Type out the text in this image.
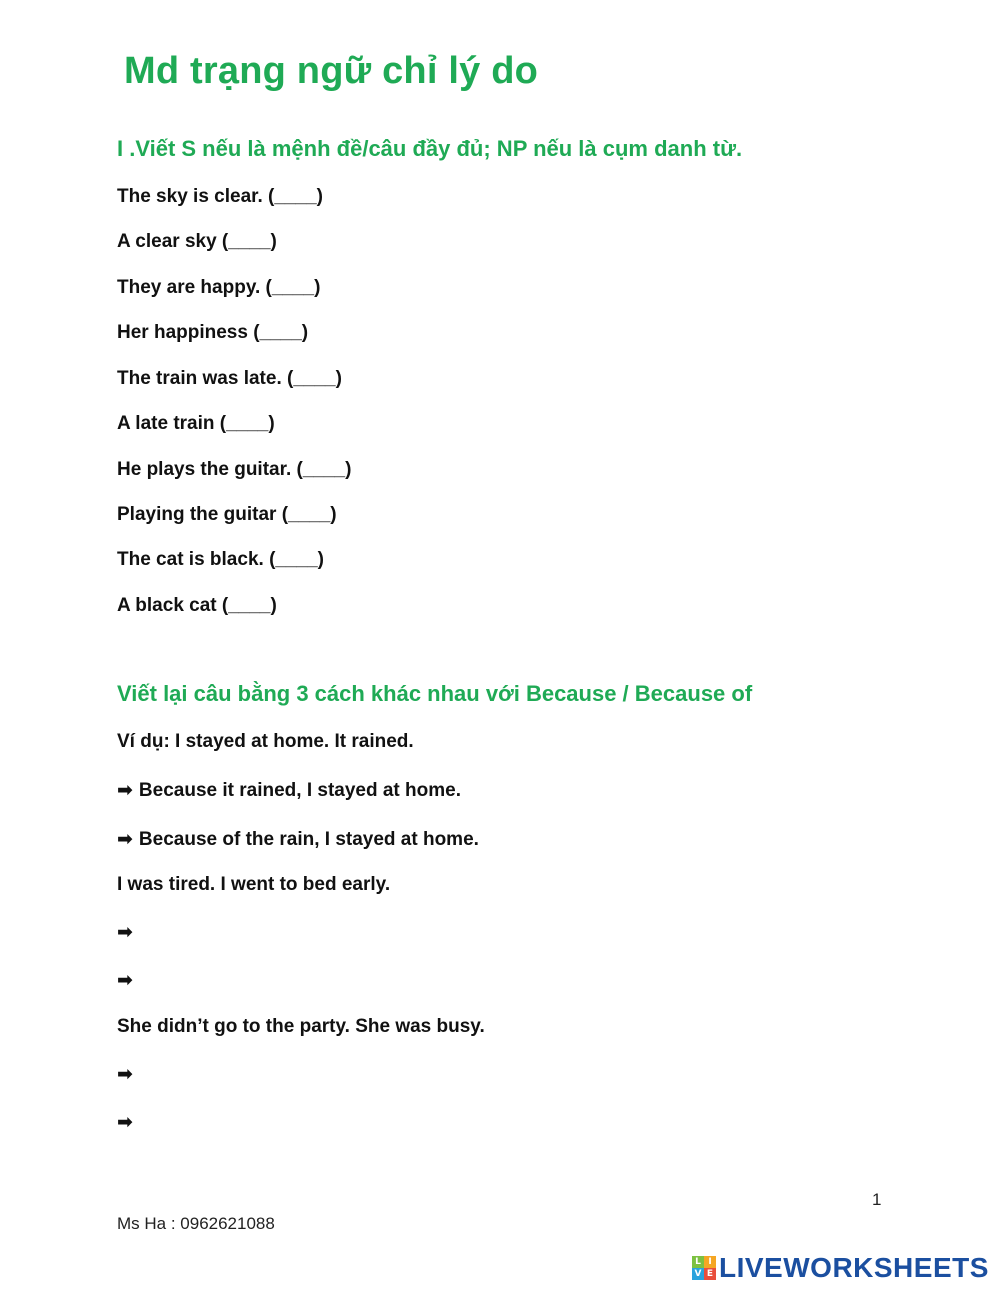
Md trạng ngữ chỉ lý do
I .Viết S nếu là mệnh đề/câu đầy đủ; NP nếu là cụm danh từ.
The sky is clear. (____)
A clear sky (____)
They are happy. (____)
Her happiness (____)
The train was late. (____)
A late train (____)
He plays the guitar. (____)
Playing the guitar (____)
The cat is black. (____)
A black cat (____)
Viết lại câu bằng 3 cách khác nhau với Because / Because of
Ví dụ: I stayed at home. It rained.
➡ Because it rained, I stayed at home.
➡ Because of the rain, I stayed at home.
I was tired. I went to bed early.
➡
➡
She didn’t go to the party. She was busy.
➡
➡
1
Ms Ha : 0962621088
L I
V E LIVEWORKSHEETS
